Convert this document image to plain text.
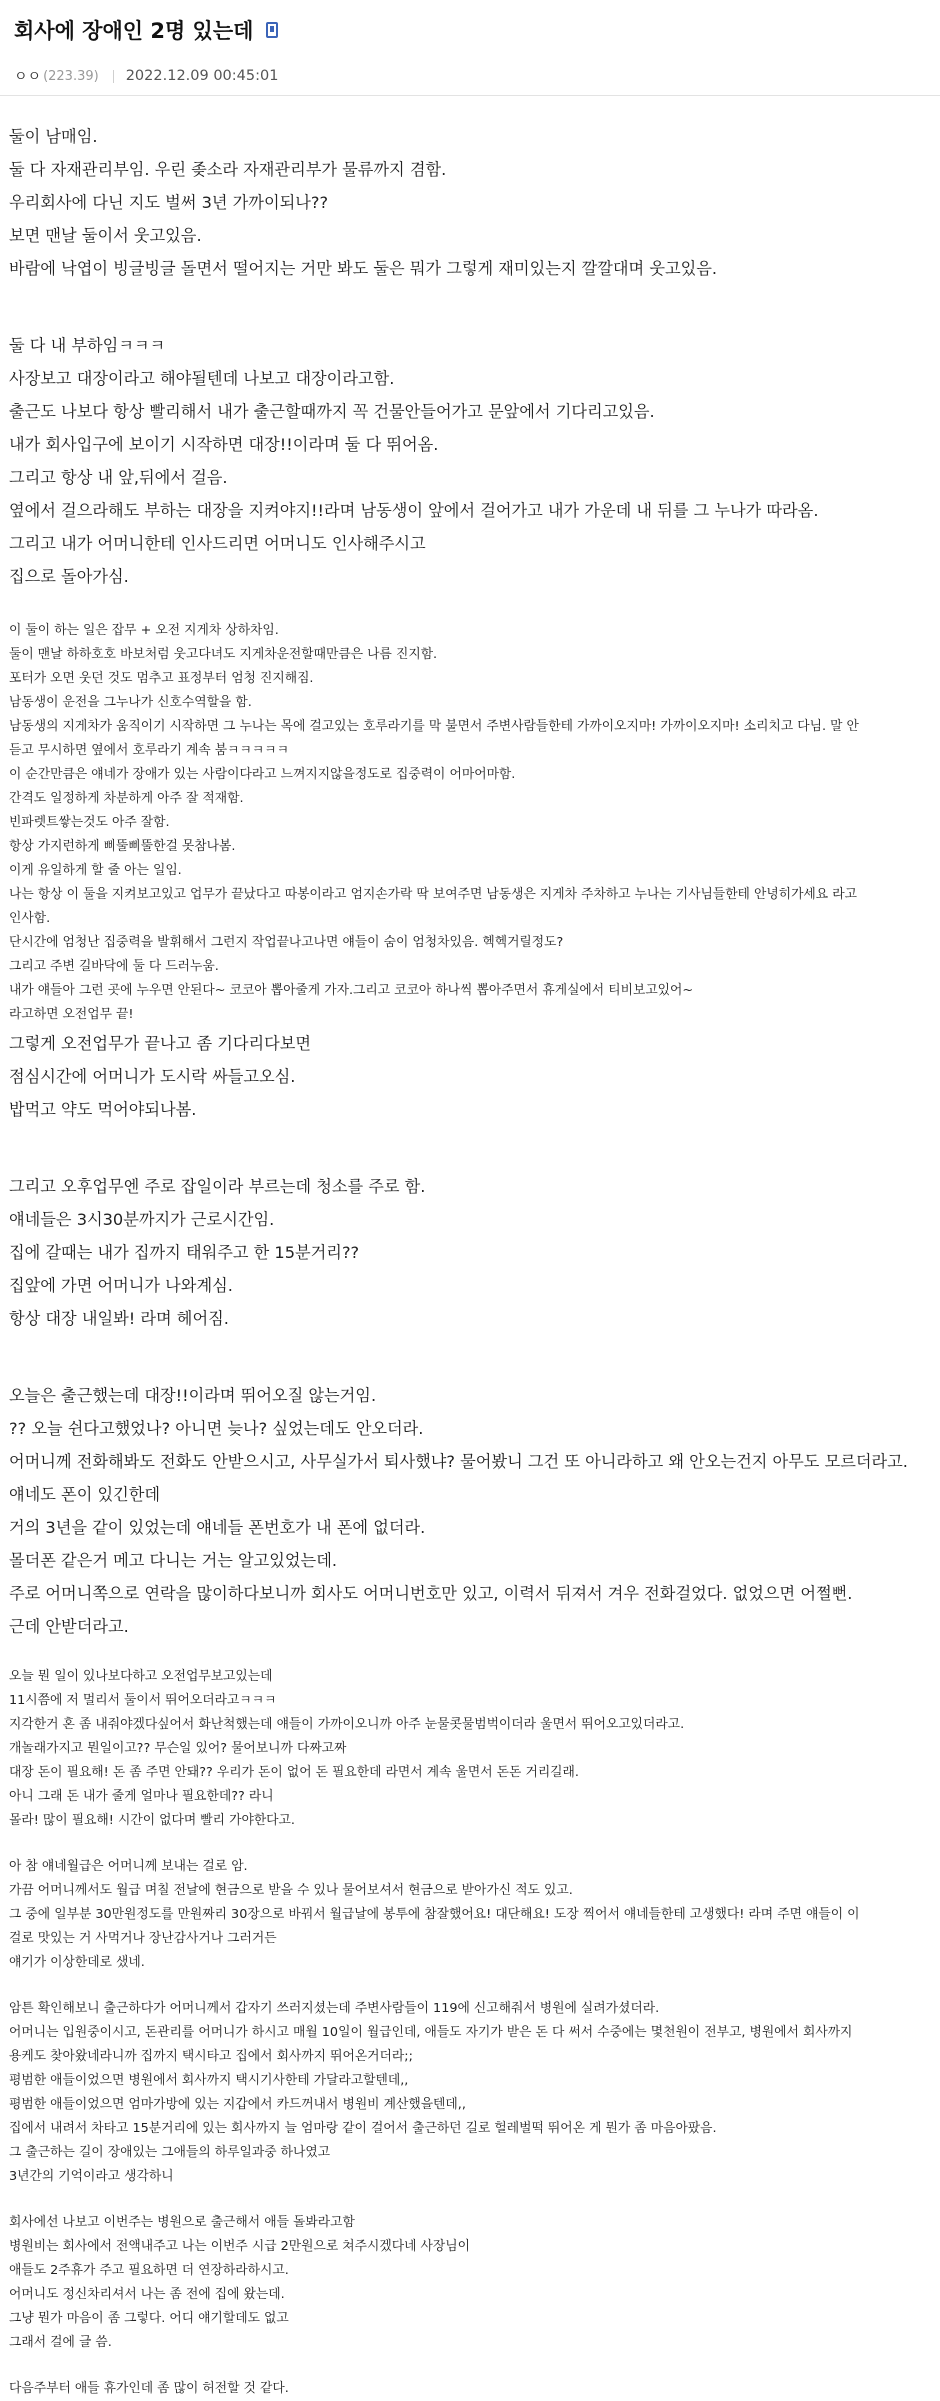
회사에 장애인 2명 있는데
ㅇㅇ (223.39) 2022.12.09 00:45:01

둘이 남매임.

둘 다 자재관리부임. 우린 좆소라 자재관리부가 물류까지 겸함.

우리회사에 다닌 지도 벌써 3년 가까이되나??

보면 맨날 둘이서 웃고있음.

바람에 낙엽이 빙글빙글 돌면서 떨어지는 거만 봐도 둘은 뭐가 그렇게 재미있는지 깔깔대며 웃고있음.

둘 다 내 부하임ㅋㅋㅋ

사장보고 대장이라고 해야될텐데 나보고 대장이라고함.

출근도 나보다 항상 빨리해서 내가 출근할때까지 꼭 건물안들어가고 문앞에서 기다리고있음.

내가 회사입구에 보이기 시작하면 대장!!이라며 둘 다 뛰어옴.

그리고 항상 내 앞,뒤에서 걸음.

옆에서 걸으라해도 부하는 대장을 지켜야지!!라며 남동생이 앞에서 걸어가고 내가 가운데 내 뒤를 그 누나가 따라옴.

그리고 내가 어머니한테 인사드리면 어머니도 인사해주시고

집으로 돌아가심.

이 둘이 하는 일은 잡무 + 오전 지게차 상하차임.

둘이 맨날 하하호호 바보처럼 웃고다녀도 지게차운전할때만큼은 나름 진지함.

포터가 오면 웃던 것도 멈추고 표정부터 엄청 진지해짐.

남동생이 운전을 그누나가 신호수역할을 함.

남동생의 지게차가 움직이기 시작하면 그 누나는 목에 걸고있는 호루라기를 막 불면서 주변사람들한테 가까이오지마! 가까이오지마! 소리치고 다님. 말 안

듣고 무시하면 옆에서 호루라기 계속 붐ㅋㅋㅋㅋㅋ

이 순간만큼은 얘네가 장애가 있는 사람이다라고 느껴지지않을정도로 집중력이 어마어마함.

간격도 일정하게 차분하게 아주 잘 적재함.

빈파렛트쌓는것도 아주 잘함.

항상 가지런하게 삐뚤삐뚤한걸 못참나봄.

이게 유일하게 할 줄 아는 일임.

나는 항상 이 둘을 지켜보고있고 업무가 끝났다고 따봉이라고 엄지손가락 딱 보여주면 남동생은 지게차 주차하고 누나는 기사님들한테 안녕히가세요 라고

인사함.

단시간에 엄청난 집중력을 발휘해서 그런지 작업끝나고나면 얘들이 숨이 엄청차있음. 헥헥거릴정도?

그리고 주변 길바닥에 둘 다 드러누움.

내가 얘들아 그런 곳에 누우면 안된다~ 코코아 뽑아줄게 가자.그리고 코코아 하나씩 뽑아주면서 휴게실에서 티비보고있어~

라고하면 오전업무 끝!

그렇게 오전업무가 끝나고 좀 기다리다보면

점심시간에 어머니가 도시락 싸들고오심.

밥먹고 약도 먹어야되나봄.

그리고 오후업무엔 주로 잡일이라 부르는데 청소를 주로 함.

얘네들은 3시30분까지가 근로시간임.

집에 갈때는 내가 집까지 태워주고 한 15분거리??

집앞에 가면 어머니가 나와계심.

항상 대장 내일봐! 라며 헤어짐.

오늘은 출근했는데 대장!!이라며 뛰어오질 않는거임.

?? 오늘 쉰다고했었나? 아니면 늦나? 싶었는데도 안오더라.

어머니께 전화해봐도 전화도 안받으시고, 사무실가서 퇴사했냐? 물어봤니 그건 또 아니라하고 왜 안오는건지 아무도 모르더라고.

얘네도 폰이 있긴한데

거의 3년을 같이 있었는데 얘네들 폰번호가 내 폰에 없더라.

몰더폰 같은거 메고 다니는 거는 알고있었는데.

주로 어머니쪽으로 연락을 많이하다보니까 회사도 어머니번호만 있고, 이력서 뒤져서 겨우 전화걸었다. 없었으면 어쩔뻔.

근데 안받더라고.

오늘 뭔 일이 있나보다하고 오전업무보고있는데

11시쯤에 저 멀리서 둘이서 뛰어오더라고ㅋㅋㅋ

지각한거 혼 좀 내줘야겠다싶어서 화난척했는데 얘들이 가까이오니까 아주 눈물콧물범벅이더라 울면서 뛰어오고있더라고.

개놀래가지고 뭔일이고?? 무슨일 있어? 물어보니까 다짜고짜

대장 돈이 필요해! 돈 좀 주면 안돼?? 우리가 돈이 없어 돈 필요한데 라면서 계속 울면서 돈돈 거리길래.

아니 그래 돈 내가 줄게 얼마나 필요한데?? 라니

몰라! 많이 필요해! 시간이 없다며 빨리 가야한다고.

아 참 얘네월급은 어머니께 보내는 걸로 암.

가끔 어머니께서도 월급 며칠 전날에 현금으로 받을 수 있나 물어보셔서 현금으로 받아가신 적도 있고.

그 중에 일부분 30만원정도를 만원짜리 30장으로 바꿔서 월급날에 봉투에 참잘했어요! 대단해요! 도장 찍어서 얘네들한테 고생했다! 라며 주면 얘들이 이

걸로 맛있는 거 사먹거나 장난감사거나 그러거든

얘기가 이상한데로 샜네.

암튼 확인해보니 출근하다가 어머니께서 갑자기 쓰러지셨는데 주변사람들이 119에 신고해줘서 병원에 실려가셨더라.

어머니는 입원중이시고, 돈관리를 어머니가 하시고 매월 10일이 월급인데, 애들도 자기가 받은 돈 다 써서 수중에는 몇천원이 전부고, 병원에서 회사까지

용케도 찾아왔네라니까 집까지 택시타고 집에서 회사까지 뛰어온거더라;;

평범한 애들이었으면 병원에서 회사까지 택시기사한테 가달라고할텐데,,

평범한 애들이었으면 엄마가방에 있는 지갑에서 카드꺼내서 병원비 계산했을텐데,,

집에서 내려서 차타고 15분거리에 있는 회사까지 늘 엄마랑 같이 걸어서 출근하던 길로 헐레벌떡 뛰어온 게 뭔가 좀 마음아팠음.

그 출근하는 길이 장애있는 그애들의 하루일과중 하나였고

3년간의 기억이라고 생각하니

회사에선 나보고 이번주는 병원으로 출근해서 애들 돌봐라고함

병원비는 회사에서 전액내주고 나는 이번주 시급 2만원으로 쳐주시겠다네 사장님이

애들도 2주휴가 주고 필요하면 더 연장하라하시고.

어머니도 정신차리셔서 나는 좀 전에 집에 왔는데.

그냥 뭔가 마음이 좀 그렇다. 어디 얘기할데도 없고

그래서 걸에 글 씀.

다음주부터 애들 휴가인데 좀 많이 허전할 것 같다.
